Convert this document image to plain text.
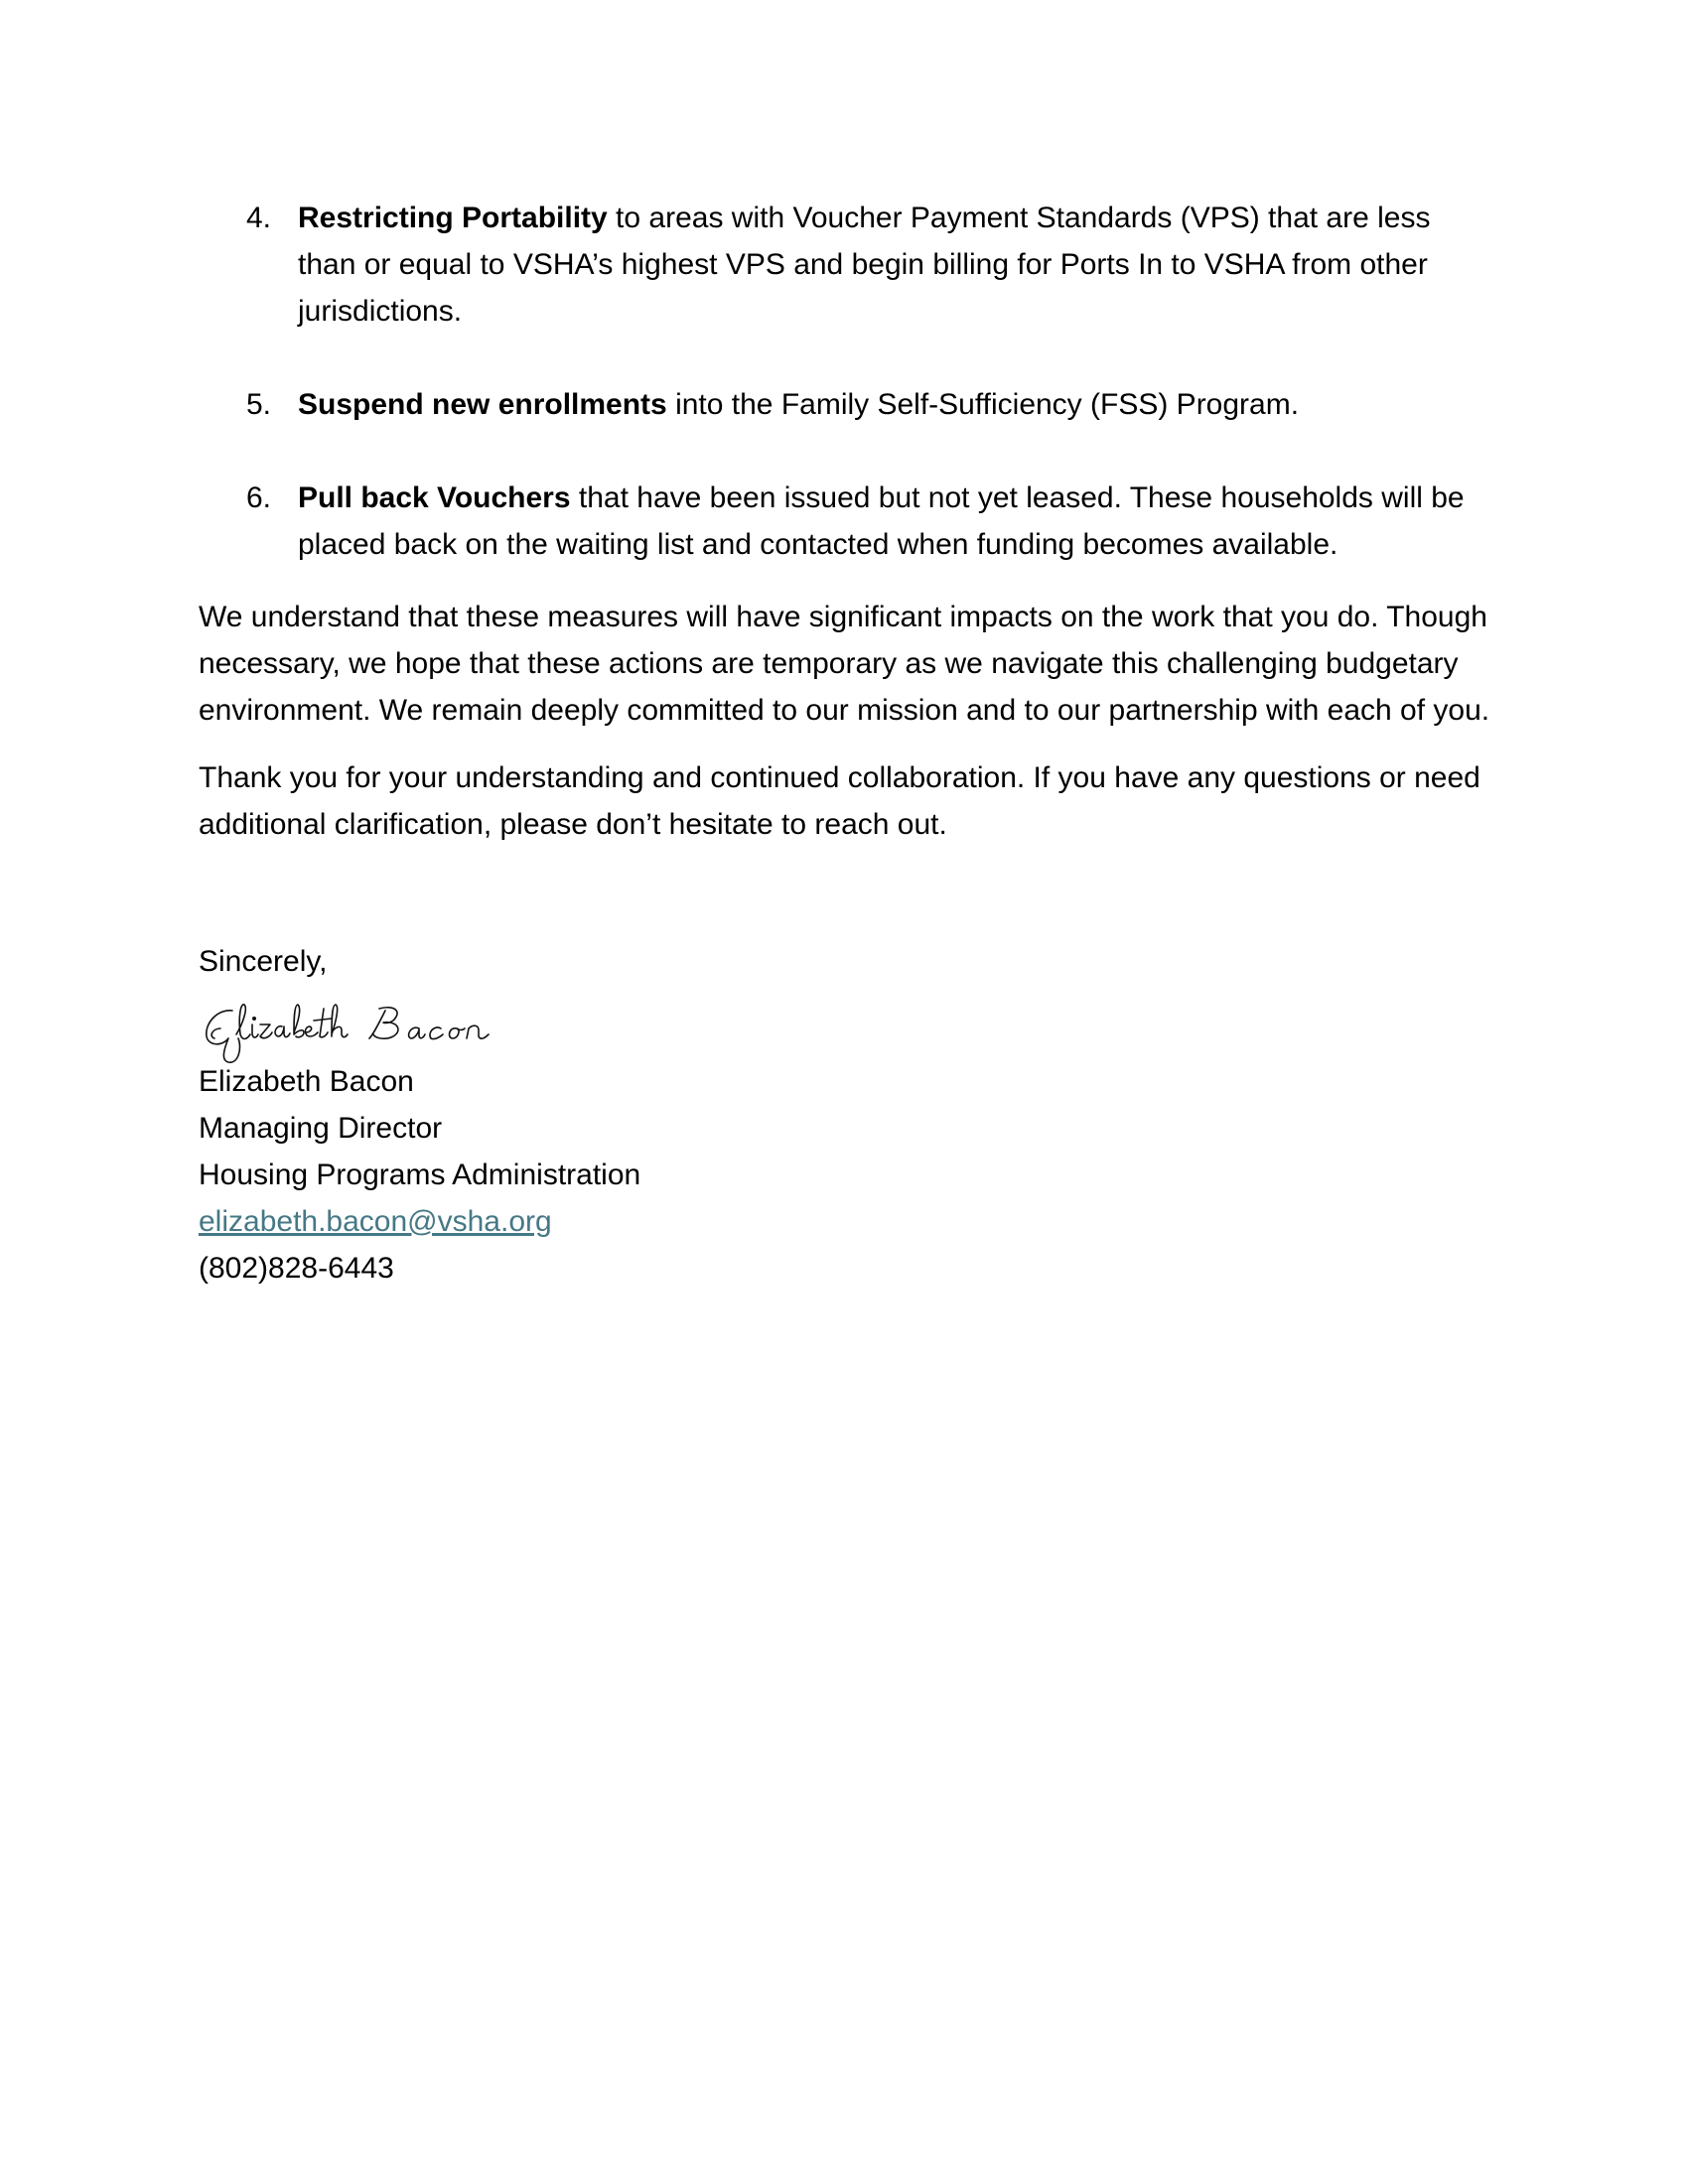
4. Restricting Portability to areas with Voucher Payment Standards (VPS) that are less than or equal to VSHA’s highest VPS and begin billing for Ports In to VSHA from other jurisdictions.
5. Suspend new enrollments into the Family Self-Sufficiency (FSS) Program.
6. Pull back Vouchers that have been issued but not yet leased. These households will be placed back on the waiting list and contacted when funding becomes available.

We understand that these measures will have significant impacts on the work that you do. Though necessary, we hope that these actions are temporary as we navigate this challenging budgetary environment. We remain deeply committed to our mission and to our partnership with each of you.

Thank you for your understanding and continued collaboration. If you have any questions or need additional clarification, please don’t hesitate to reach out.

Sincerely,
Elizabeth Bacon
Managing Director
Housing Programs Administration
elizabeth.bacon@vsha.org
(802)828-6443
